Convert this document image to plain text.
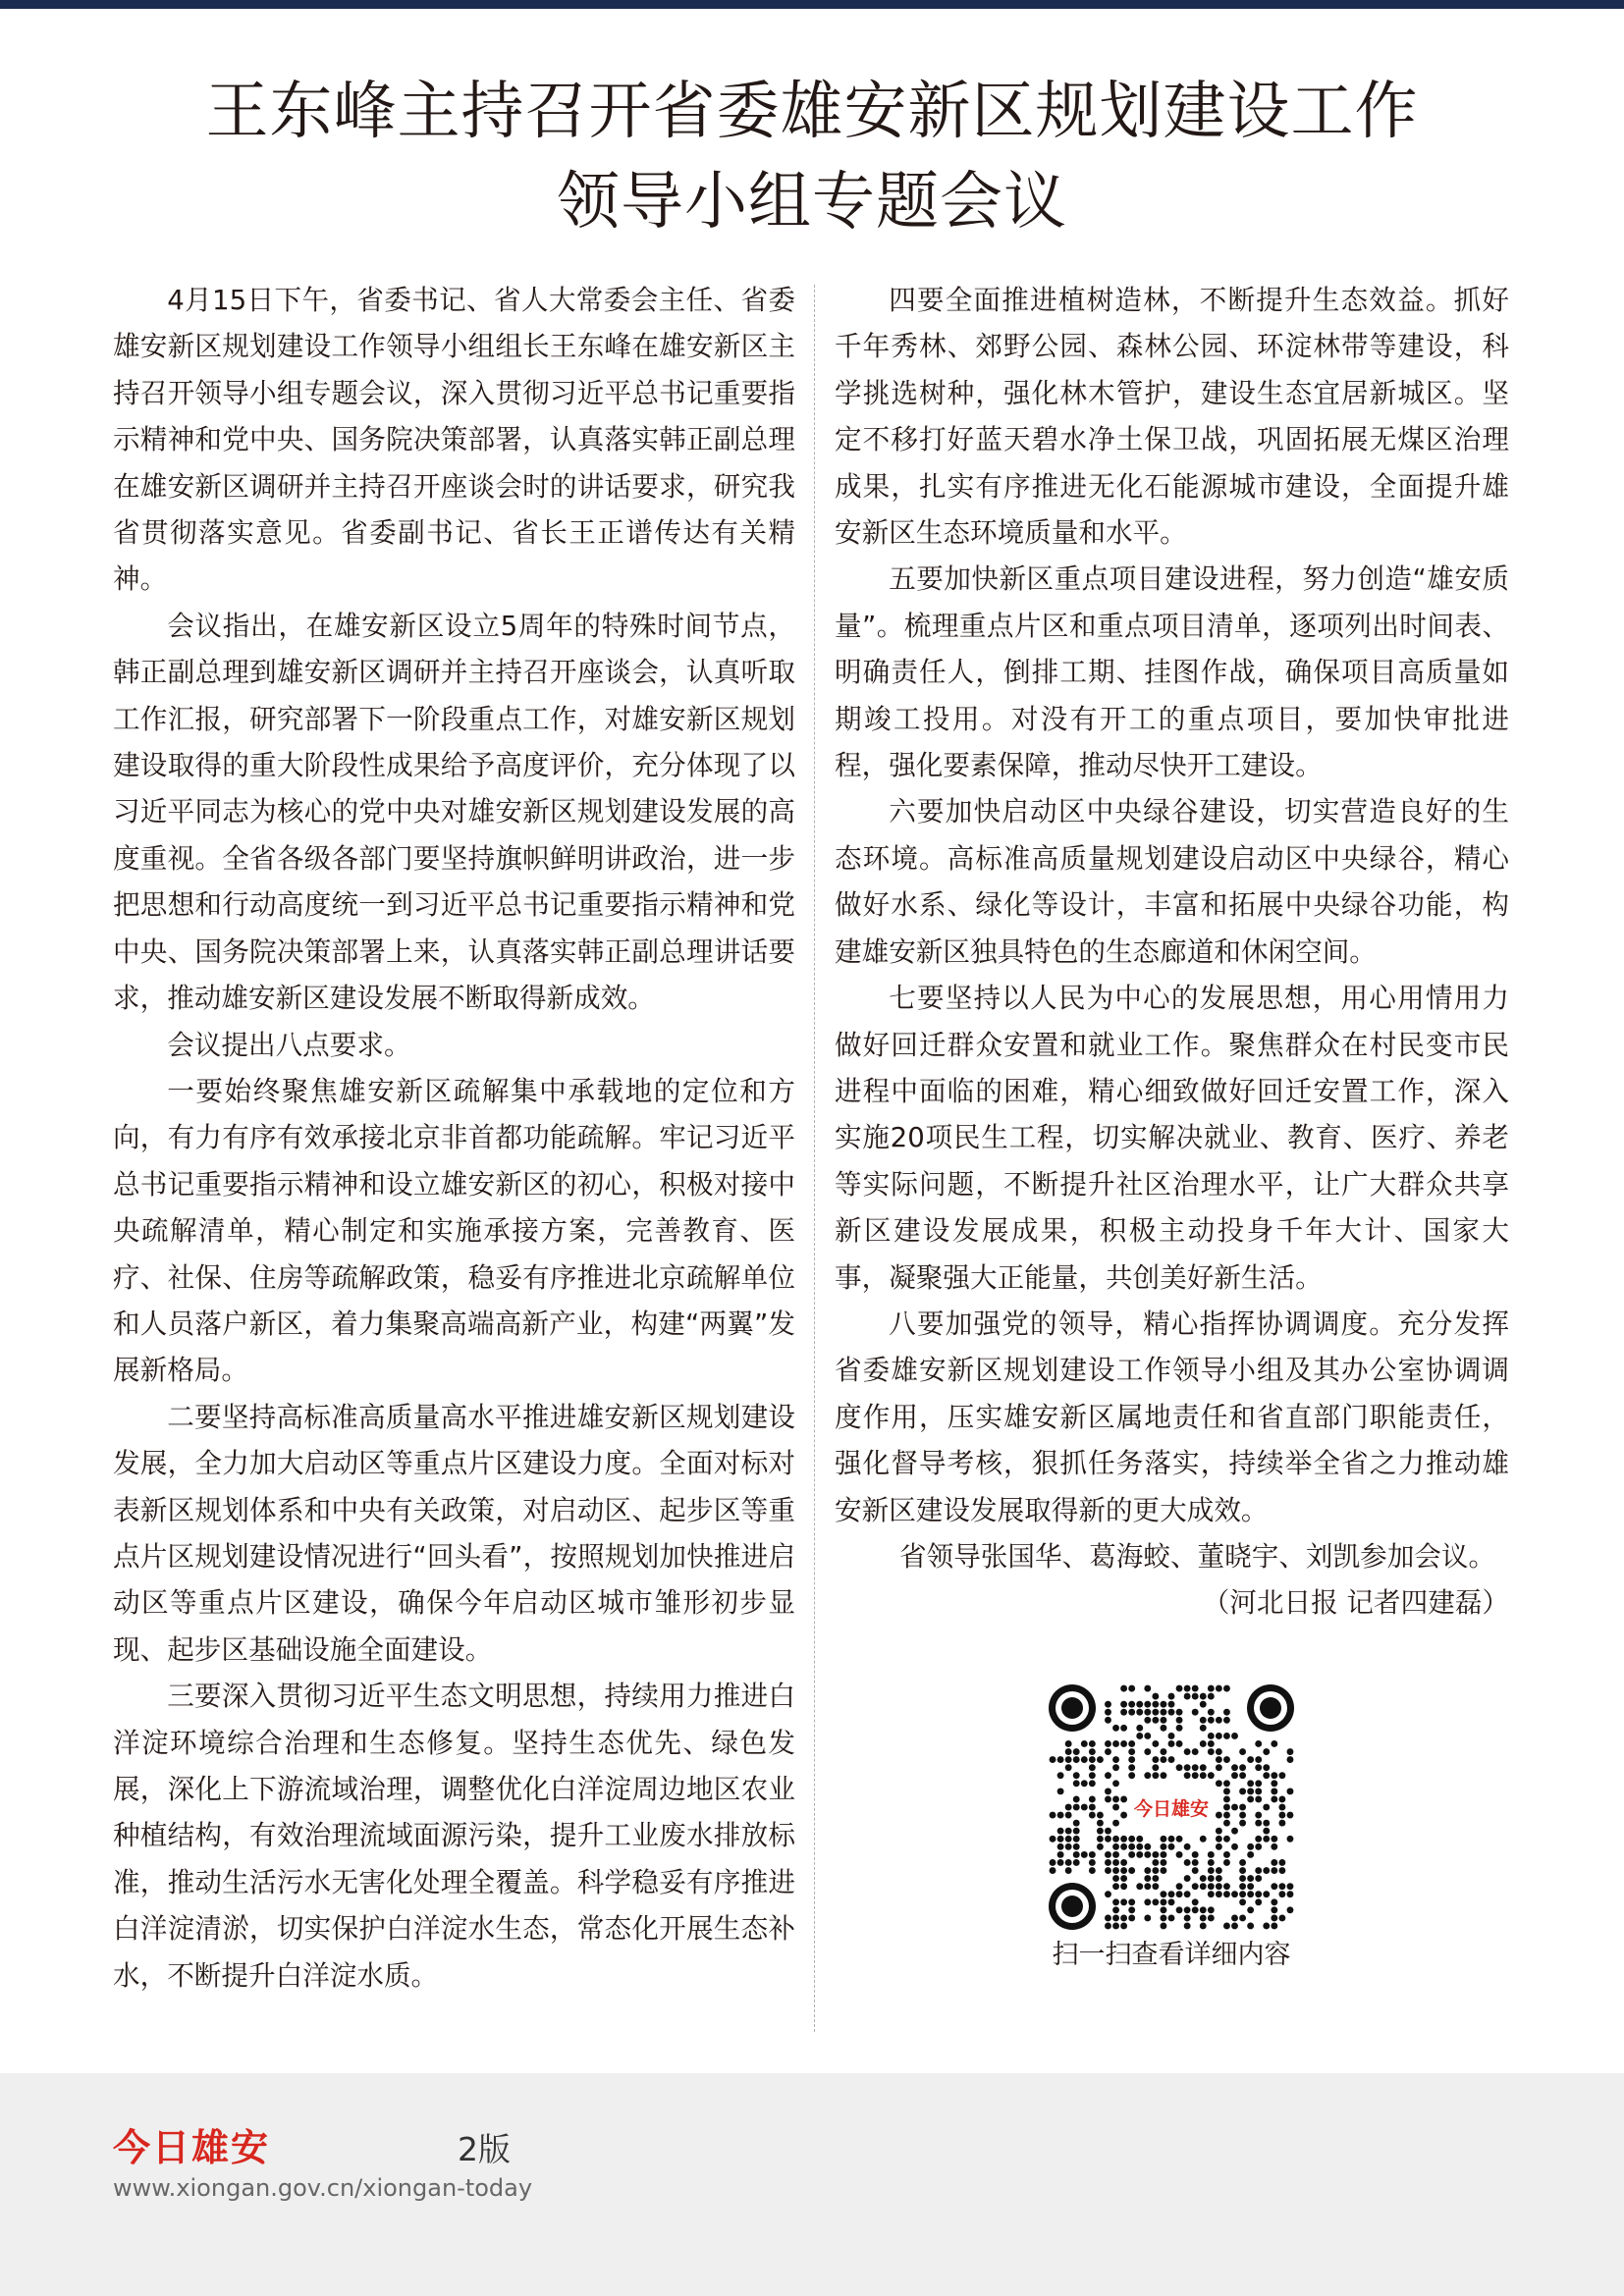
王东峰主持召开省委雄安新区规划建设工作
领导小组专题会议

4月15日下午，省委书记、省人大常委会主任、省委雄安新区规划建设工作领导小组组长王东峰在雄安新区主持召开领导小组专题会议，深入贯彻习近平总书记重要指示精神和党中央、国务院决策部署，认真落实韩正副总理在雄安新区调研并主持召开座谈会时的讲话要求，研究我省贯彻落实意见。省委副书记、省长王正谱传达有关精神。

会议指出，在雄安新区设立5周年的特殊时间节点，韩正副总理到雄安新区调研并主持召开座谈会，认真听取工作汇报，研究部署下一阶段重点工作，对雄安新区规划建设取得的重大阶段性成果给予高度评价，充分体现了以习近平同志为核心的党中央对雄安新区规划建设发展的高度重视。全省各级各部门要坚持旗帜鲜明讲政治，进一步把思想和行动高度统一到习近平总书记重要指示精神和党中央、国务院决策部署上来，认真落实韩正副总理讲话要求，推动雄安新区建设发展不断取得新成效。

会议提出八点要求。

一要始终聚焦雄安新区疏解集中承载地的定位和方向，有力有序有效承接北京非首都功能疏解。牢记习近平总书记重要指示精神和设立雄安新区的初心，积极对接中央疏解清单，精心制定和实施承接方案，完善教育、医疗、社保、住房等疏解政策，稳妥有序推进北京疏解单位和人员落户新区，着力集聚高端高新产业，构建“两翼”发展新格局。

二要坚持高标准高质量高水平推进雄安新区规划建设发展，全力加大启动区等重点片区建设力度。全面对标对表新区规划体系和中央有关政策，对启动区、起步区等重点片区规划建设情况进行“回头看”，按照规划加快推进启动区等重点片区建设，确保今年启动区城市雏形初步显现、起步区基础设施全面建设。

三要深入贯彻习近平生态文明思想，持续用力推进白洋淀环境综合治理和生态修复。坚持生态优先、绿色发展，深化上下游流域治理，调整优化白洋淀周边地区农业种植结构，有效治理流域面源污染，提升工业废水排放标准，推动生活污水无害化处理全覆盖。科学稳妥有序推进白洋淀清淤，切实保护白洋淀水生态，常态化开展生态补水，不断提升白洋淀水质。

四要全面推进植树造林，不断提升生态效益。抓好千年秀林、郊野公园、森林公园、环淀林带等建设，科学挑选树种，强化林木管护，建设生态宜居新城区。坚定不移打好蓝天碧水净土保卫战，巩固拓展无煤区治理成果，扎实有序推进无化石能源城市建设，全面提升雄安新区生态环境质量和水平。

五要加快新区重点项目建设进程，努力创造“雄安质量”。梳理重点片区和重点项目清单，逐项列出时间表、明确责任人，倒排工期、挂图作战，确保项目高质量如期竣工投用。对没有开工的重点项目，要加快审批进程，强化要素保障，推动尽快开工建设。

六要加快启动区中央绿谷建设，切实营造良好的生态环境。高标准高质量规划建设启动区中央绿谷，精心做好水系、绿化等设计，丰富和拓展中央绿谷功能，构建雄安新区独具特色的生态廊道和休闲空间。

七要坚持以人民为中心的发展思想，用心用情用力做好回迁群众安置和就业工作。聚焦群众在村民变市民进程中面临的困难，精心细致做好回迁安置工作，深入实施20项民生工程，切实解决就业、教育、医疗、养老等实际问题，不断提升社区治理水平，让广大群众共享新区建设发展成果，积极主动投身千年大计、国家大事，凝聚强大正能量，共创美好新生活。

八要加强党的领导，精心指挥协调调度。充分发挥省委雄安新区规划建设工作领导小组及其办公室协调调度作用，压实雄安新区属地责任和省直部门职能责任，强化督导考核，狠抓任务落实，持续举全省之力推动雄安新区建设发展取得新的更大成效。

省领导张国华、葛海蛟、董晓宇、刘凯参加会议。

（河北日报 记者四建磊）

今日雄安
扫一扫查看详细内容
今日雄安	2版
www.xiongan.gov.cn/xiongan-today
